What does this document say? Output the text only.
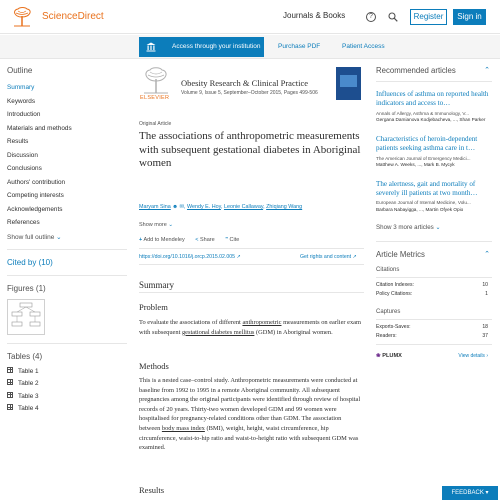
ScienceDirect	Journals & Books	?	Register	Sign in
Access through your institution	Purchase PDF	Patient Access
Outline
Summary
Keywords
Introduction
Materials and methods
Results
Discussion
Conclusions
Authors' contribution
Competing interests
Acknowledgements
References
Show full outline ⌄
Cited by (10)
Figures (1)
Tables (4)
Table 1
Table 2
Table 3
Table 4
ELSEVIER
Obesity Research & Clinical Practice
Volume 9, Issue 5, September–October 2015, Pages 499-506
Original Article
The associations of anthropometric measurements with subsequent gestational diabetes in Aboriginal women
Maryam Sina ☻ ✉, Wendy E. Hoy, Leonie Callaway, Zhiqiang Wang
Show more ⌄
+ Add to Mendeley < Share ” Cite
https://doi.org/10.1016/j.orcp.2015.02.005 ↗	Get rights and content ↗
Summary
Problem
To evaluate the associations of different anthropometric measurements on earlier exam with subsequent gestational diabetes mellitus (GDM) in Aboriginal women.
Methods
This is a nested case–control study. Anthropometric measurements were conducted at baseline from 1992 to 1995 in a remote Aboriginal community. All subsequent pregnancies among the original participants were identified through review of hospital records of 20 years. Thirty-two women developed GDM and 99 women were hospitalised for pregnancy-related conditions other than GDM. The association between body mass index (BMI), weight, height, waist circumference, hip circumference, waist-to-hip ratio and waist-to-height ratio with subsequent GDM was examined.
Results
Recommended articles	⌃
Influences of asthma on reported health indicators and access to…
Annals of Allergy, Asthma & Immunology, V...
Gergana Damianova Kodjebacheva, ..., Shan Parker
Characteristics of heroin-dependent patients seeking asthma care in t…
The American Journal of Emergency Medici...
Matthew A. Weeks, ..., Mark B. Mycyk
The alertness, gait and mortality of severely ill patients at two month…
European Journal of Internal Medicine, Volu...
Barbara Nabayigga, ..., Martin Ofyek Opio
Show 3 more articles ⌄
Article Metrics	⌃
Citations
Citation Indexes:	10
Policy Citations:	1
Captures
Exports-Saves:	18
Readers:	37
❀ PLUMX	View details ›
FEEDBACK ▾
